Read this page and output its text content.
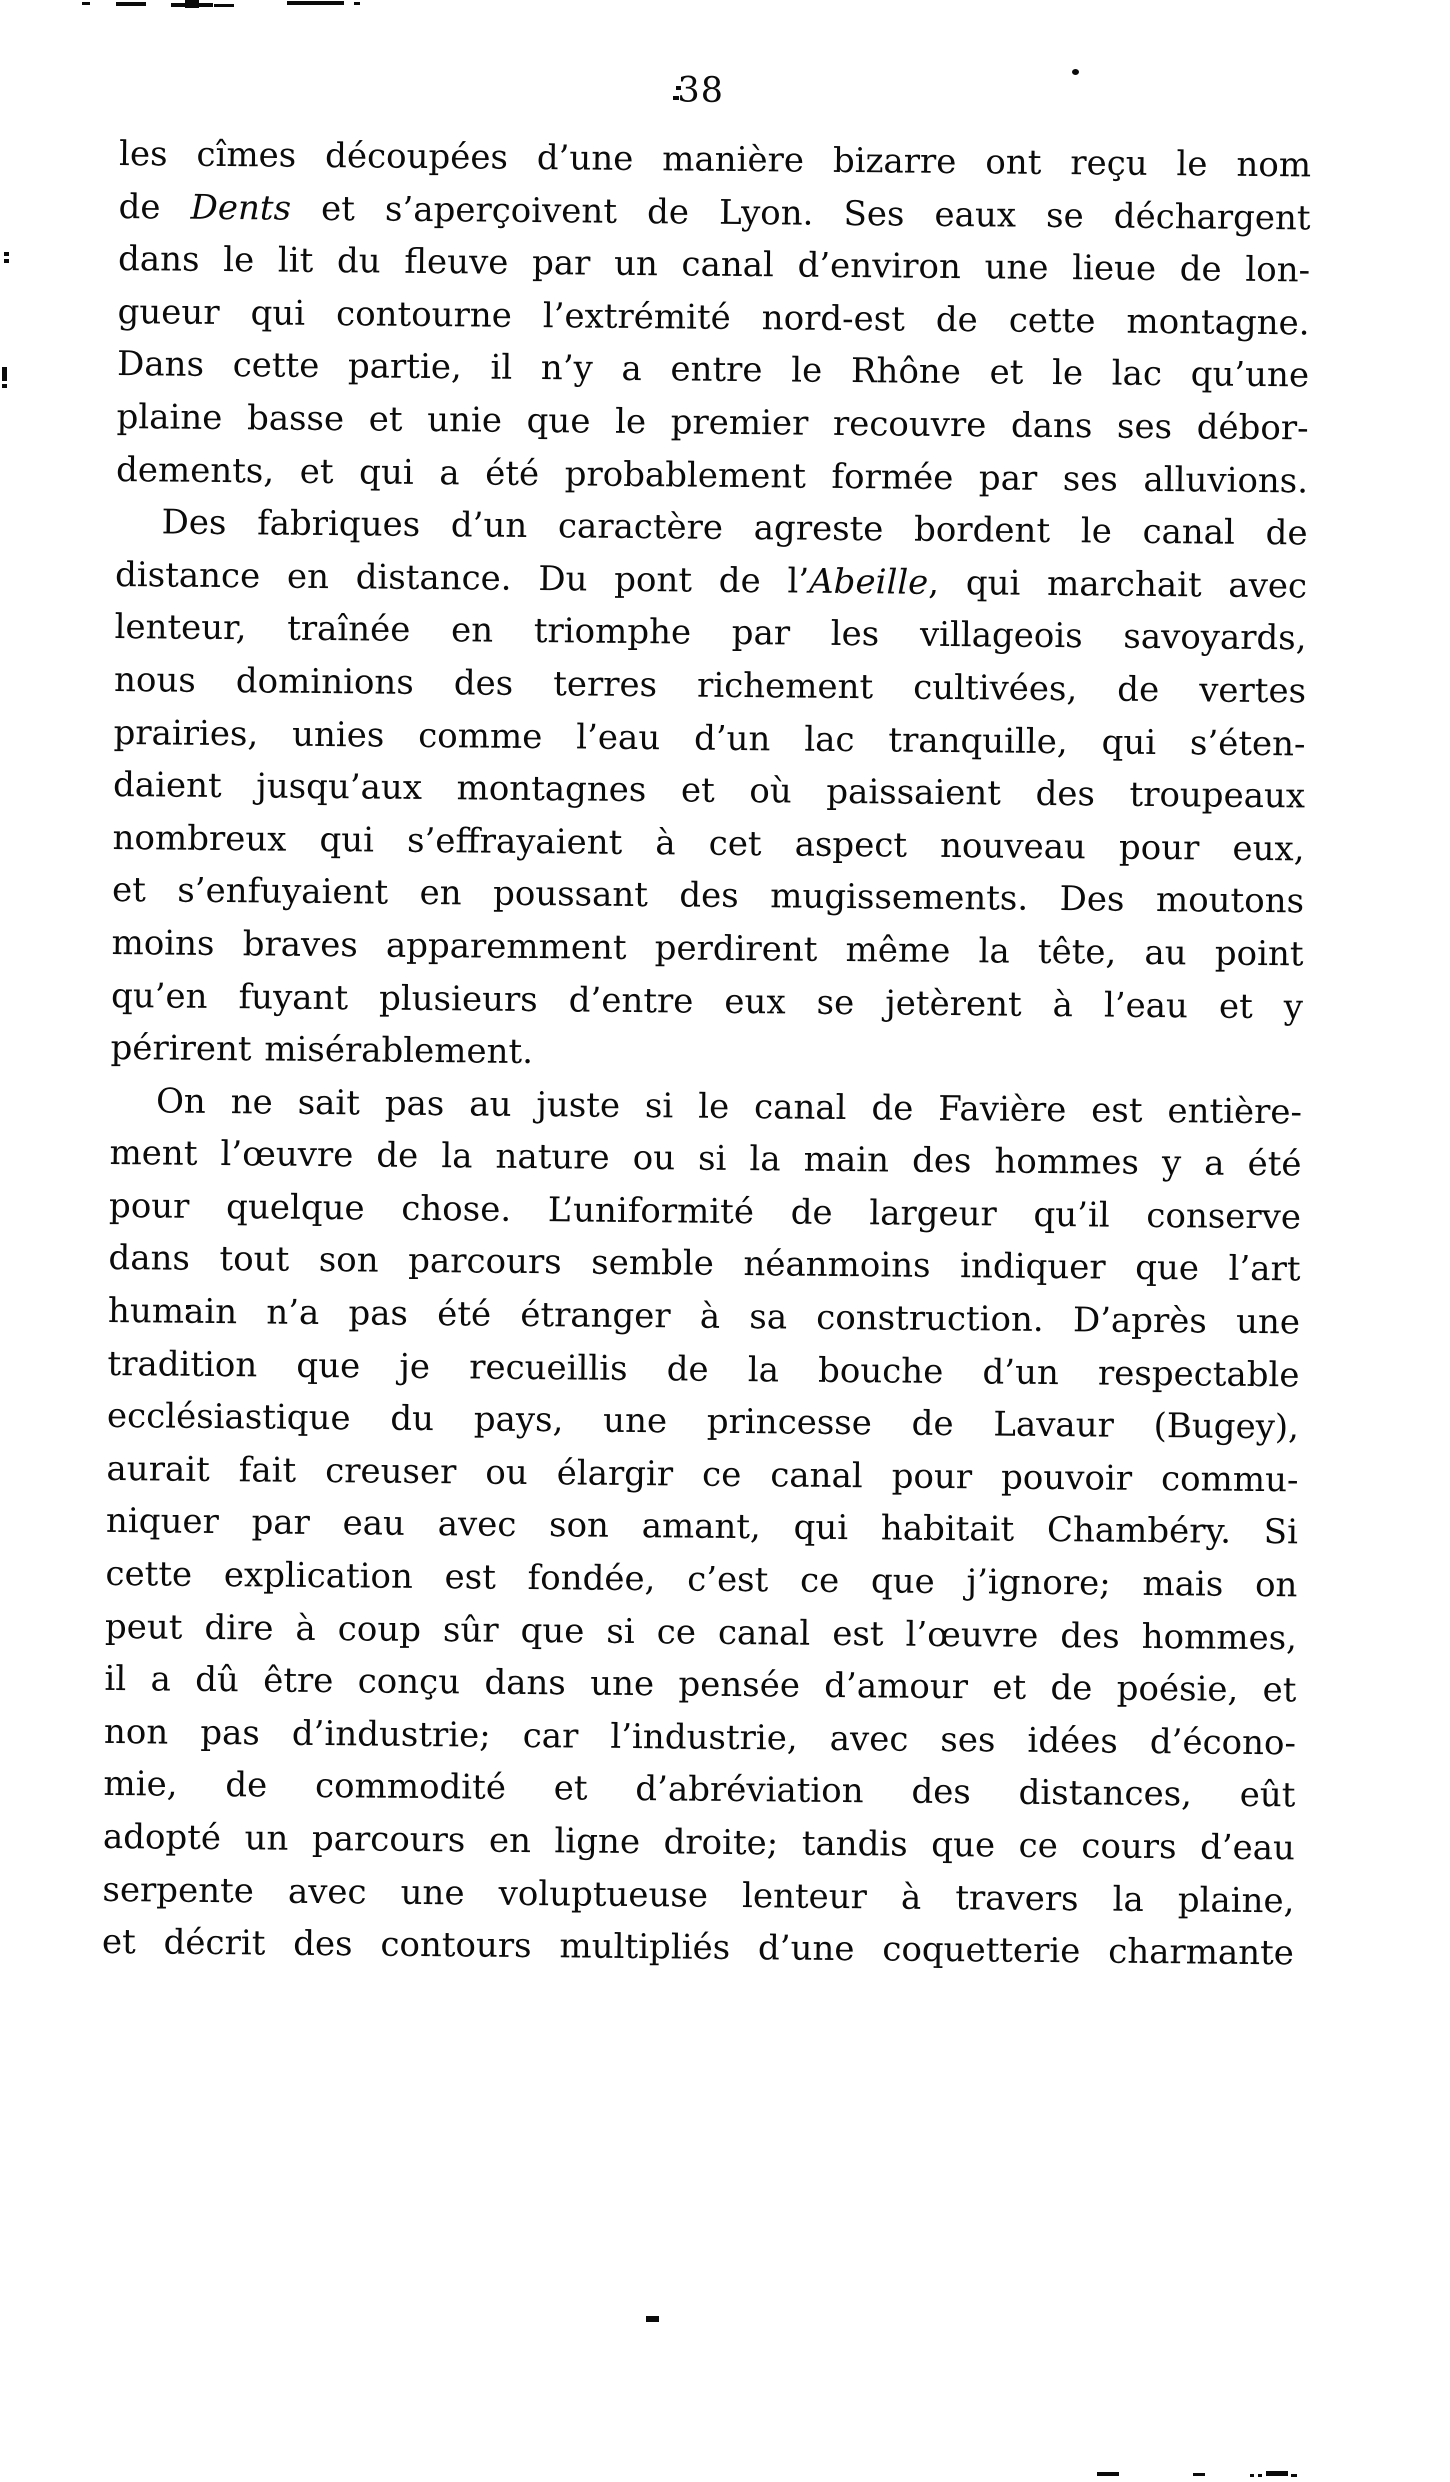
38
les cîmes découpées d’une manière bizarre ont reçu le nom
de Dents et s’aperçoivent de Lyon. Ses eaux se déchargent
dans le lit du fleuve par un canal d’environ une lieue de lon-
gueur qui contourne l’extrémité nord-est de cette montagne.
Dans cette partie, il n’y a entre le Rhône et le lac qu’une
plaine basse et unie que le premier recouvre dans ses débor-
dements, et qui a été probablement formée par ses alluvions.
Des fabriques d’un caractère agreste bordent le canal de
distance en distance. Du pont de l’Abeille, qui marchait avec
lenteur, traînée en triomphe par les villageois savoyards,
nous dominions des terres richement cultivées, de vertes
prairies, unies comme l’eau d’un lac tranquille, qui s’éten-
daient jusqu’aux montagnes et où paissaient des troupeaux
nombreux qui s’effrayaient à cet aspect nouveau pour eux,
et s’enfuyaient en poussant des mugissements. Des moutons
moins braves apparemment perdirent même la tête, au point
qu’en fuyant plusieurs d’entre eux se jetèrent à l’eau et y
périrent misérablement.
On ne sait pas au juste si le canal de Favière est entière-
ment l’œuvre de la nature ou si la main des hommes y a été
pour quelque chose. L’uniformité de largeur qu’il conserve
dans tout son parcours semble néanmoins indiquer que l’art
humain n’a pas été étranger à sa construction. D’après une
tradition que je recueillis de la bouche d’un respectable
ecclésiastique du pays, une princesse de Lavaur (Bugey),
aurait fait creuser ou élargir ce canal pour pouvoir commu-
niquer par eau avec son amant, qui habitait Chambéry. Si
cette explication est fondée, c’est ce que j’ignore; mais on
peut dire à coup sûr que si ce canal est l’œuvre des hommes,
il a dû être conçu dans une pensée d’amour et de poésie, et
non pas d’industrie; car l’industrie, avec ses idées d’écono-
mie, de commodité et d’abréviation des distances, eût
adopté un parcours en ligne droite; tandis que ce cours d’eau
serpente avec une voluptueuse lenteur à travers la plaine,
et décrit des contours multipliés d’une coquetterie charmante
